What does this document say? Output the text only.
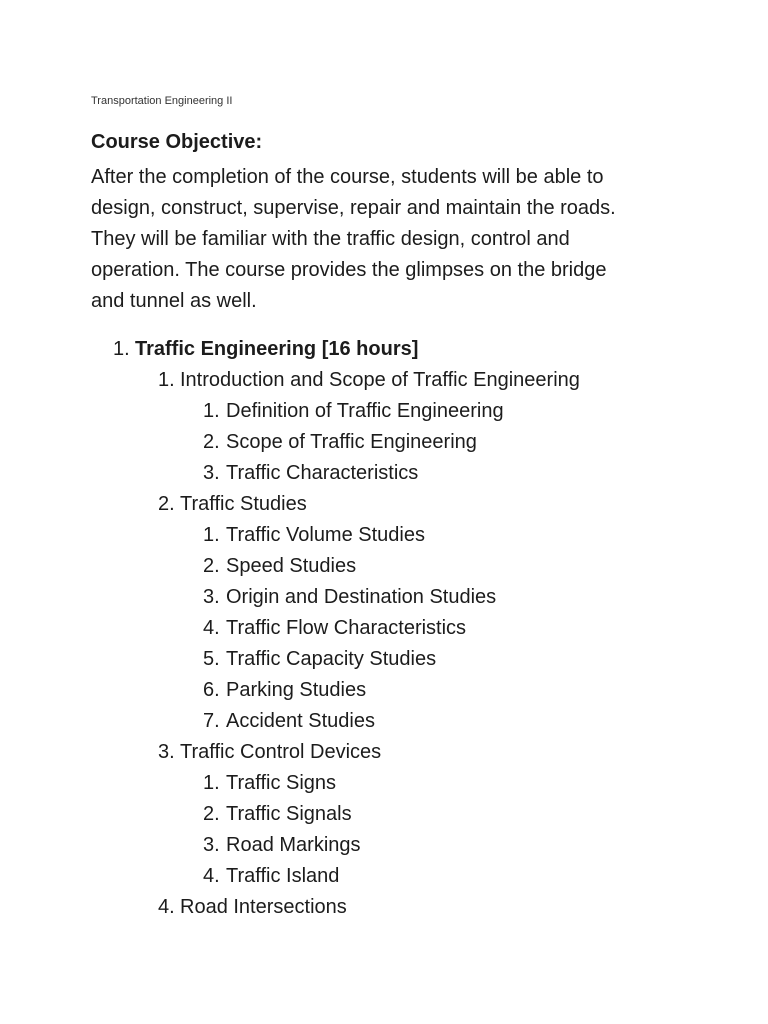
Transportation Engineering II
Course Objective:
After the completion of the course, students will be able to
design, construct, supervise, repair and maintain the roads.
They will be familiar with the traffic design, control and
operation. The course provides the glimpses on the bridge
and tunnel as well.
1. Traffic Engineering [16 hours]
1. Introduction and Scope of Traffic Engineering
1. Definition of Traffic Engineering
2. Scope of Traffic Engineering
3. Traffic Characteristics
2. Traffic Studies
1. Traffic Volume Studies
2. Speed Studies
3. Origin and Destination Studies
4. Traffic Flow Characteristics
5. Traffic Capacity Studies
6. Parking Studies
7. Accident Studies
3. Traffic Control Devices
1. Traffic Signs
2. Traffic Signals
3. Road Markings
4. Traffic Island
4. Road Intersections
